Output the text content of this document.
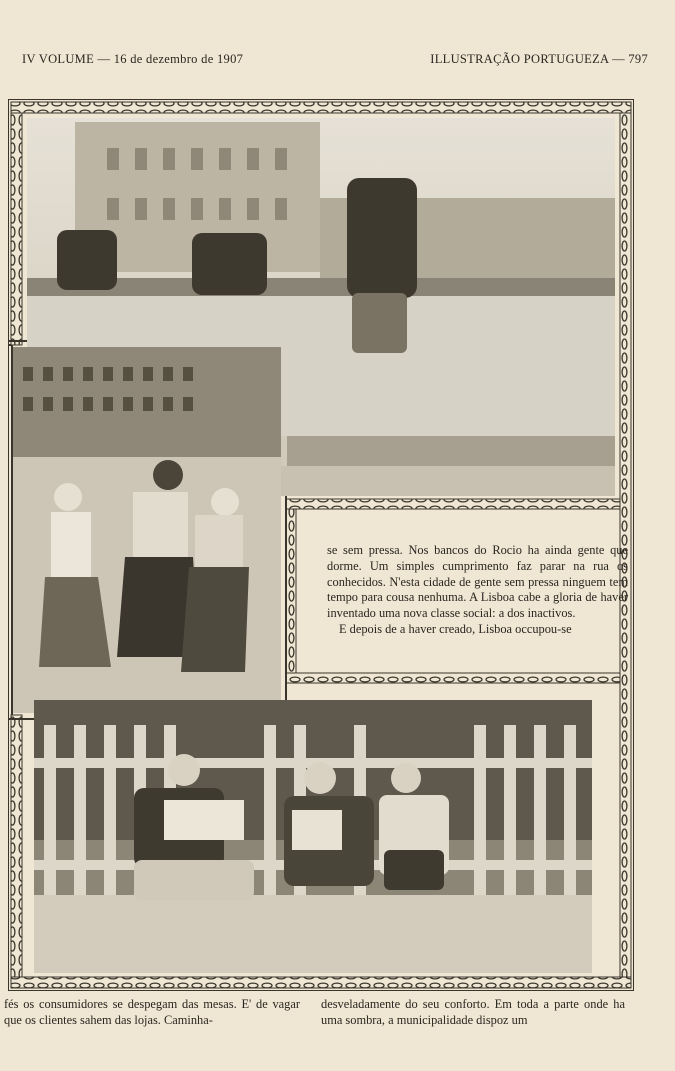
IV VOLUME — 16 de dezembro de 1907	ILLUSTRAÇÃO PORTUGUEZA — 797

se sem pressa. Nos bancos do Rocio ha ainda gente que dorme. Um simples cumprimento faz parar na rua os conhecidos. N'esta cidade de gente sem pressa ninguem tem tempo para cousa nenhuma. A Lisboa cabe a gloria de haver inventado uma nova classe social: a dos inactivos.

E depois de a haver creado, Lisboa occupou-se

fés os consumidores se despegam das mesas. E' de vagar que os clientes sahem das lojas. Caminha-
desveladamente do seu conforto. Em toda a parte onde ha uma sombra, a municipalidade dispoz um
